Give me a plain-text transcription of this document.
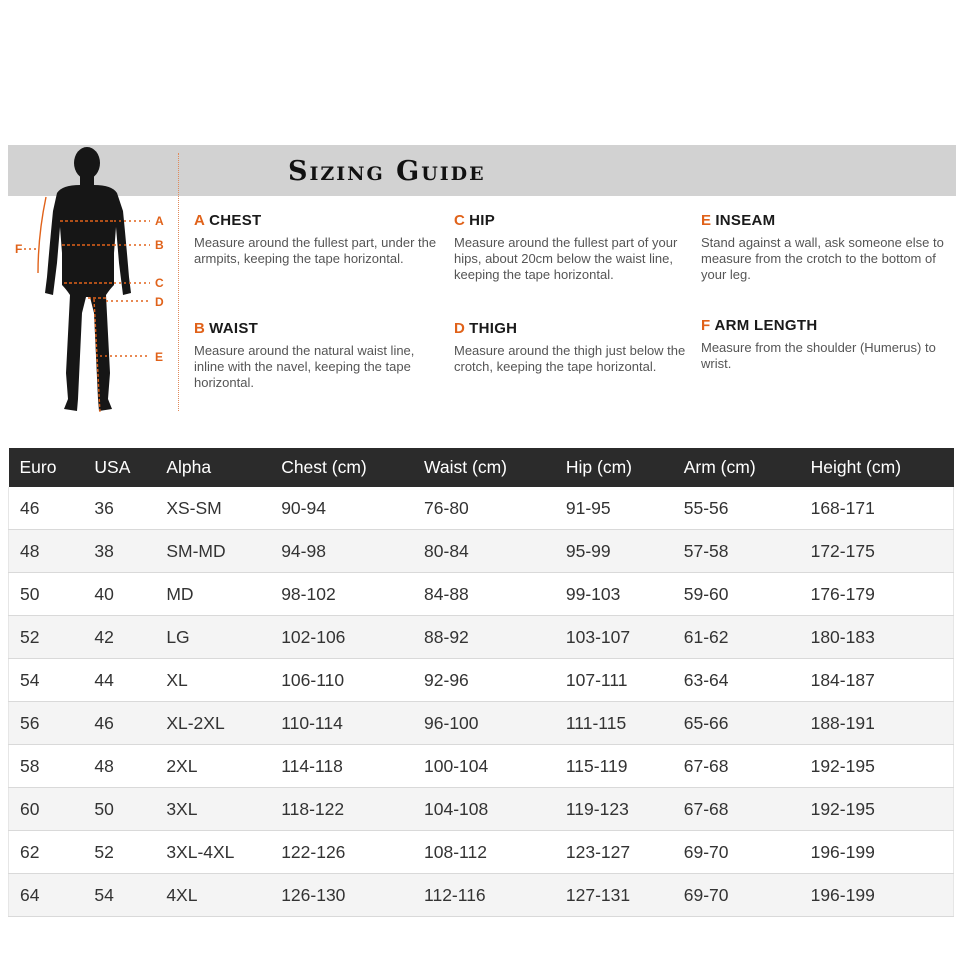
Sizing Guide
A
B
C
D
E
F
A CHEST
Measure around the fullest part, under the armpits, keeping the tape horizontal.
B WAIST
Measure around the natural waist line, inline with the navel, keeping the tape horizontal.
C HIP
Measure around the fullest part of your hips, about 20cm below the waist line, keeping the tape horizontal.
D THIGH
Measure around the thigh just below the crotch, keeping the tape horizontal.
E INSEAM
Stand against a wall, ask someone else to measure from the crotch to the bottom of your leg.
F ARM LENGTH
Measure from the shoulder (Humerus) to wrist.
Euro	USA	Alpha	Chest (cm)	Waist (cm)	Hip (cm)	Arm (cm)	Height (cm)
46	36	XS-SM	90-94	76-80	91-95	55-56	168-171
48	38	SM-MD	94-98	80-84	95-99	57-58	172-175
50	40	MD	98-102	84-88	99-103	59-60	176-179
52	42	LG	102-106	88-92	103-107	61-62	180-183
54	44	XL	106-110	92-96	107-111	63-64	184-187
56	46	XL-2XL	110-114	96-100	111-115	65-66	188-191
58	48	2XL	114-118	100-104	115-119	67-68	192-195
60	50	3XL	118-122	104-108	119-123	67-68	192-195
62	52	3XL-4XL	122-126	108-112	123-127	69-70	196-199
64	54	4XL	126-130	112-116	127-131	69-70	196-199
